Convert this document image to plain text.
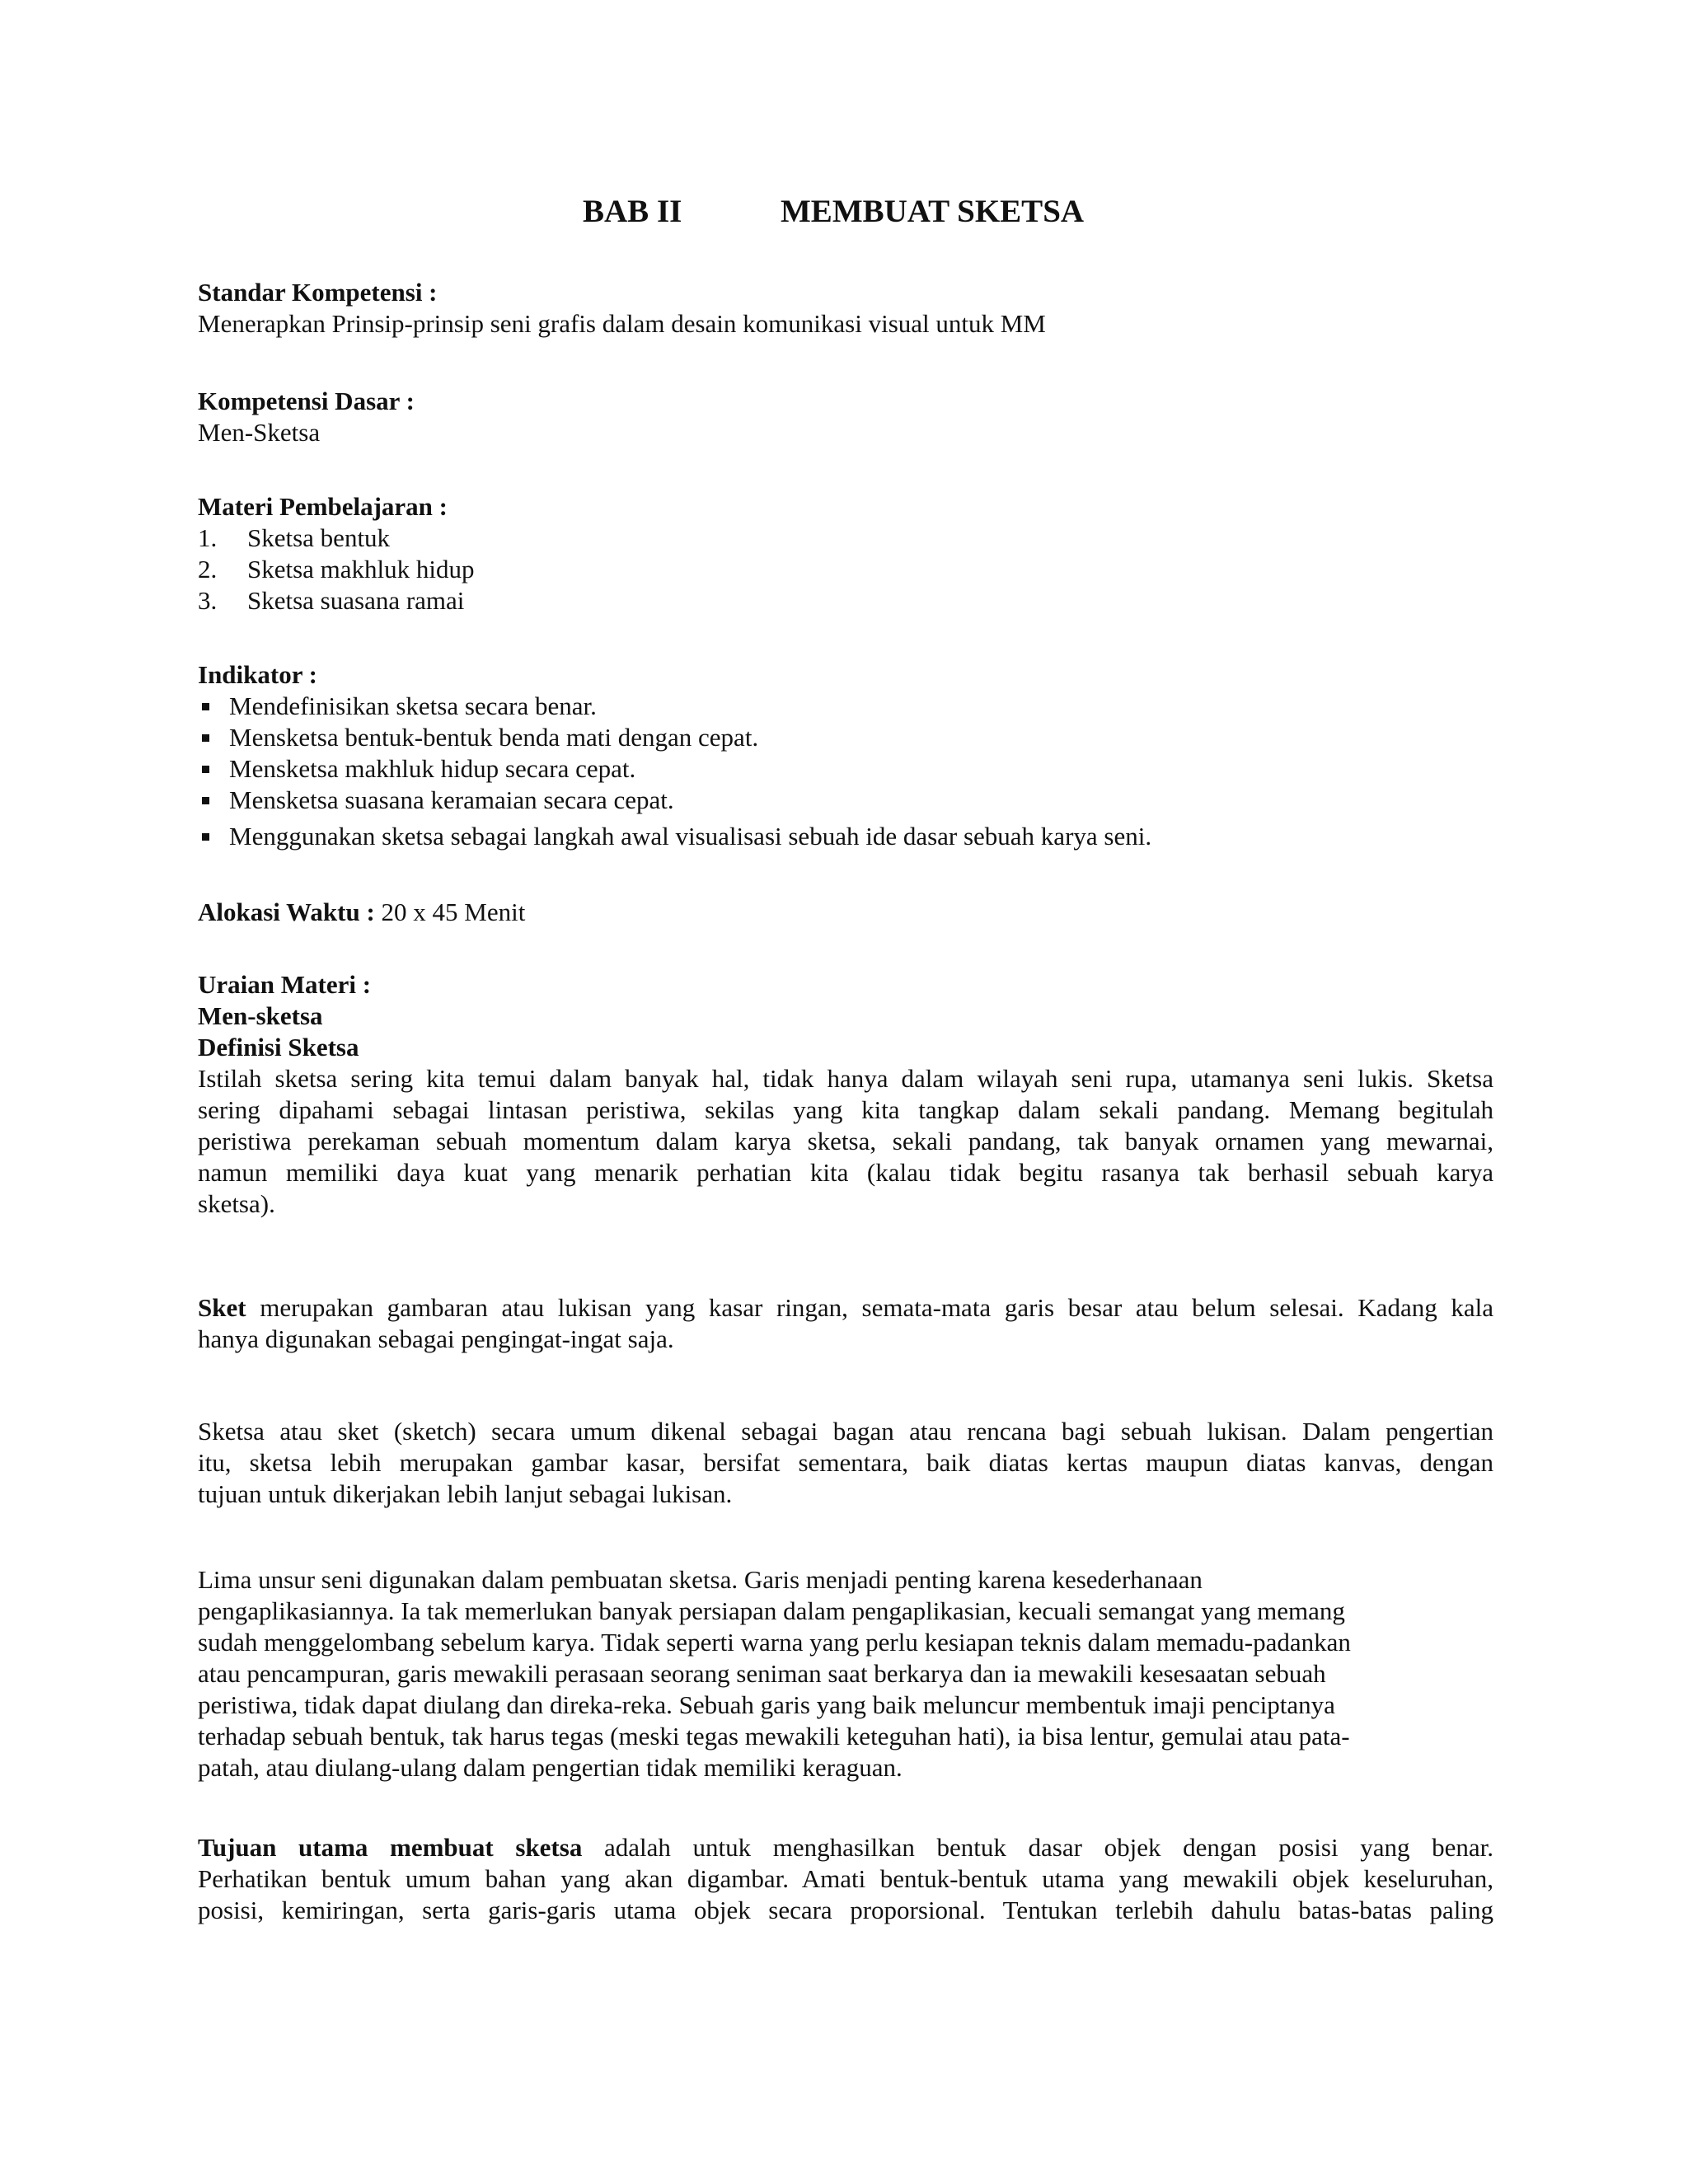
BAB II	MEMBUAT SKETSA
Standar Kompetensi :
Menerapkan Prinsip-prinsip seni grafis dalam desain komunikasi visual untuk MM
Kompetensi Dasar :
Men-Sketsa
Materi Pembelajaran :
1. Sketsa bentuk
2. Sketsa makhluk hidup
3. Sketsa suasana ramai
Indikator :
Mendefinisikan sketsa secara benar.
Mensketsa bentuk-bentuk benda mati dengan cepat.
Mensketsa makhluk hidup secara cepat.
Mensketsa suasana keramaian secara cepat.
Menggunakan sketsa sebagai langkah awal visualisasi sebuah ide dasar sebuah karya seni.
Alokasi Waktu : 20 x 45 Menit
Uraian Materi :
Men-sketsa
Definisi Sketsa
Istilah sketsa sering kita temui dalam banyak hal, tidak hanya dalam wilayah seni rupa, utamanya seni lukis. Sketsa
sering dipahami sebagai lintasan peristiwa, sekilas yang kita tangkap dalam sekali pandang. Memang begitulah
peristiwa perekaman sebuah momentum dalam karya sketsa, sekali pandang, tak banyak ornamen yang mewarnai,
namun memiliki daya kuat yang menarik perhatian kita (kalau tidak begitu rasanya tak berhasil sebuah karya
sketsa).
Sket merupakan gambaran atau lukisan yang kasar ringan, semata-mata garis besar atau belum selesai. Kadang kala
hanya digunakan sebagai pengingat-ingat saja.
Sketsa atau sket (sketch) secara umum dikenal sebagai bagan atau rencana bagi sebuah lukisan. Dalam pengertian
itu, sketsa lebih merupakan gambar kasar, bersifat sementara, baik diatas kertas maupun diatas kanvas, dengan
tujuan untuk dikerjakan lebih lanjut sebagai lukisan.
Lima unsur seni digunakan dalam pembuatan sketsa. Garis menjadi penting karena kesederhanaan
pengaplikasiannya. Ia tak memerlukan banyak persiapan dalam pengaplikasian, kecuali semangat yang memang
sudah menggelombang sebelum karya. Tidak seperti warna yang perlu kesiapan teknis dalam memadu-padankan
atau pencampuran, garis mewakili perasaan seorang seniman saat berkarya dan ia mewakili kesesaatan sebuah
peristiwa, tidak dapat diulang dan direka-reka. Sebuah garis yang baik meluncur membentuk imaji penciptanya
terhadap sebuah bentuk, tak harus tegas (meski tegas mewakili keteguhan hati), ia bisa lentur, gemulai atau pata-
patah, atau diulang-ulang dalam pengertian tidak memiliki keraguan.
Tujuan utama membuat sketsa adalah untuk menghasilkan bentuk dasar objek dengan posisi yang benar.
Perhatikan bentuk umum bahan yang akan digambar. Amati bentuk-bentuk utama yang mewakili objek keseluruhan,
posisi, kemiringan, serta garis-garis utama objek secara proporsional. Tentukan terlebih dahulu batas-batas paling
